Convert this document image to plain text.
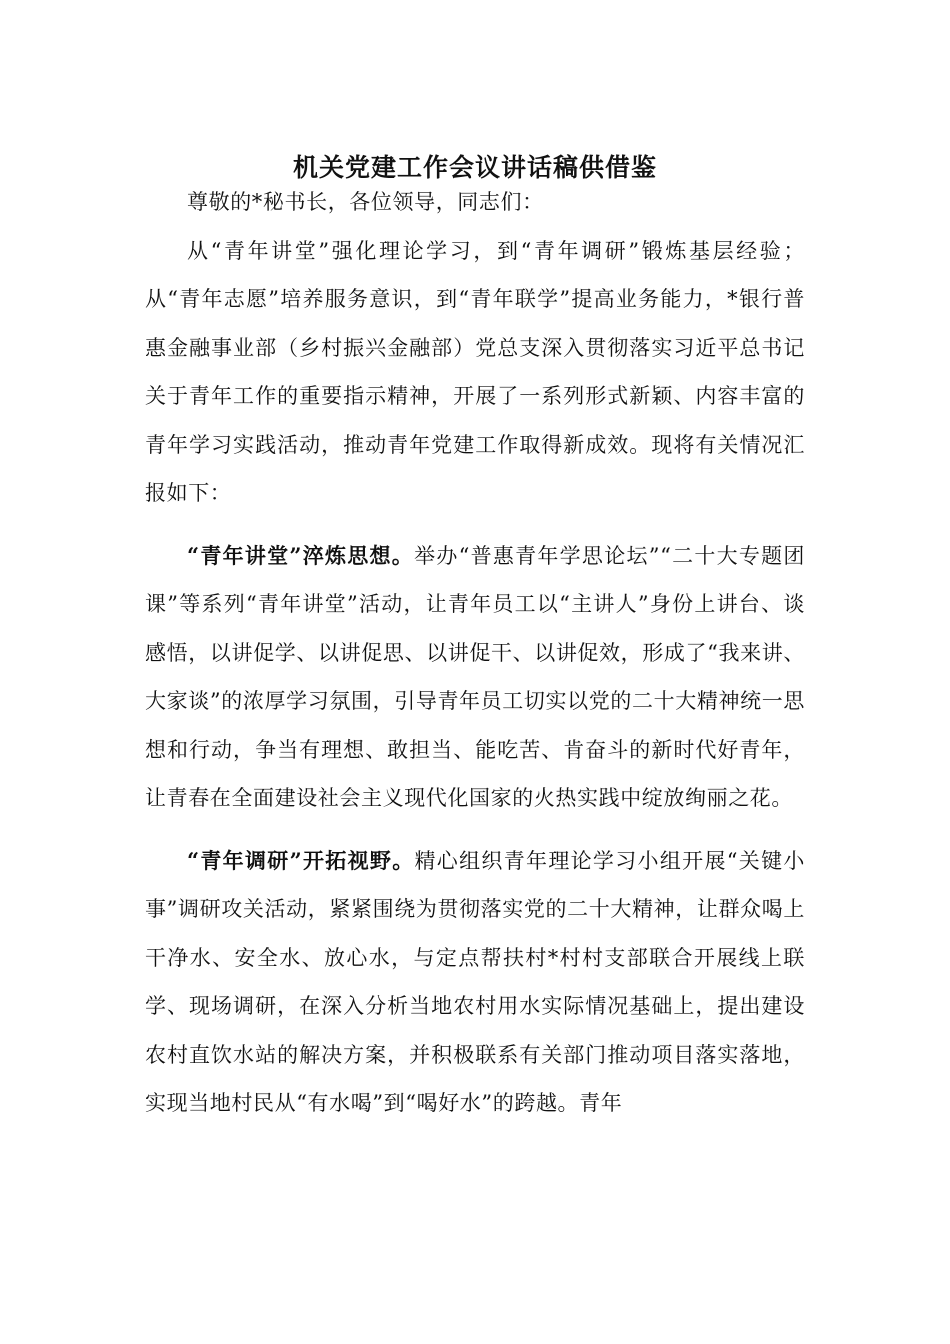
机关党建工作会议讲话稿供借鉴

尊敬的*秘书长，各位领导，同志们：

从“青年讲堂”强化理论学习，到“青年调研”锻炼基层经验；从“青年志愿”培养服务意识，到“青年联学”提高业务能力，*银行普惠金融事业部（乡村振兴金融部）党总支深入贯彻落实习近平总书记关于青年工作的重要指示精神，开展了一系列形式新颖、内容丰富的青年学习实践活动，推动青年党建工作取得新成效。现将有关情况汇报如下：

“青年讲堂”淬炼思想。举办“普惠青年学思论坛”“二十大专题团课”等系列“青年讲堂”活动，让青年员工以“主讲人”身份上讲台、谈感悟，以讲促学、以讲促思、以讲促干、以讲促效，形成了“我来讲、大家谈”的浓厚学习氛围，引导青年员工切实以党的二十大精神统一思想和行动，争当有理想、敢担当、能吃苦、肯奋斗的新时代好青年，让青春在全面建设社会主义现代化国家的火热实践中绽放绚丽之花。

“青年调研”开拓视野。精心组织青年理论学习小组开展“关键小事”调研攻关活动，紧紧围绕为贯彻落实党的二十大精神，让群众喝上干净水、安全水、放心水，与定点帮扶村*村村支部联合开展线上联学、现场调研，在深入分析当地农村用水实际情况基础上，提出建设农村直饮水站的解决方案，并积极联系有关部门推动项目落实落地，实现当地村民从“有水喝”到“喝好水”的跨越。青年
